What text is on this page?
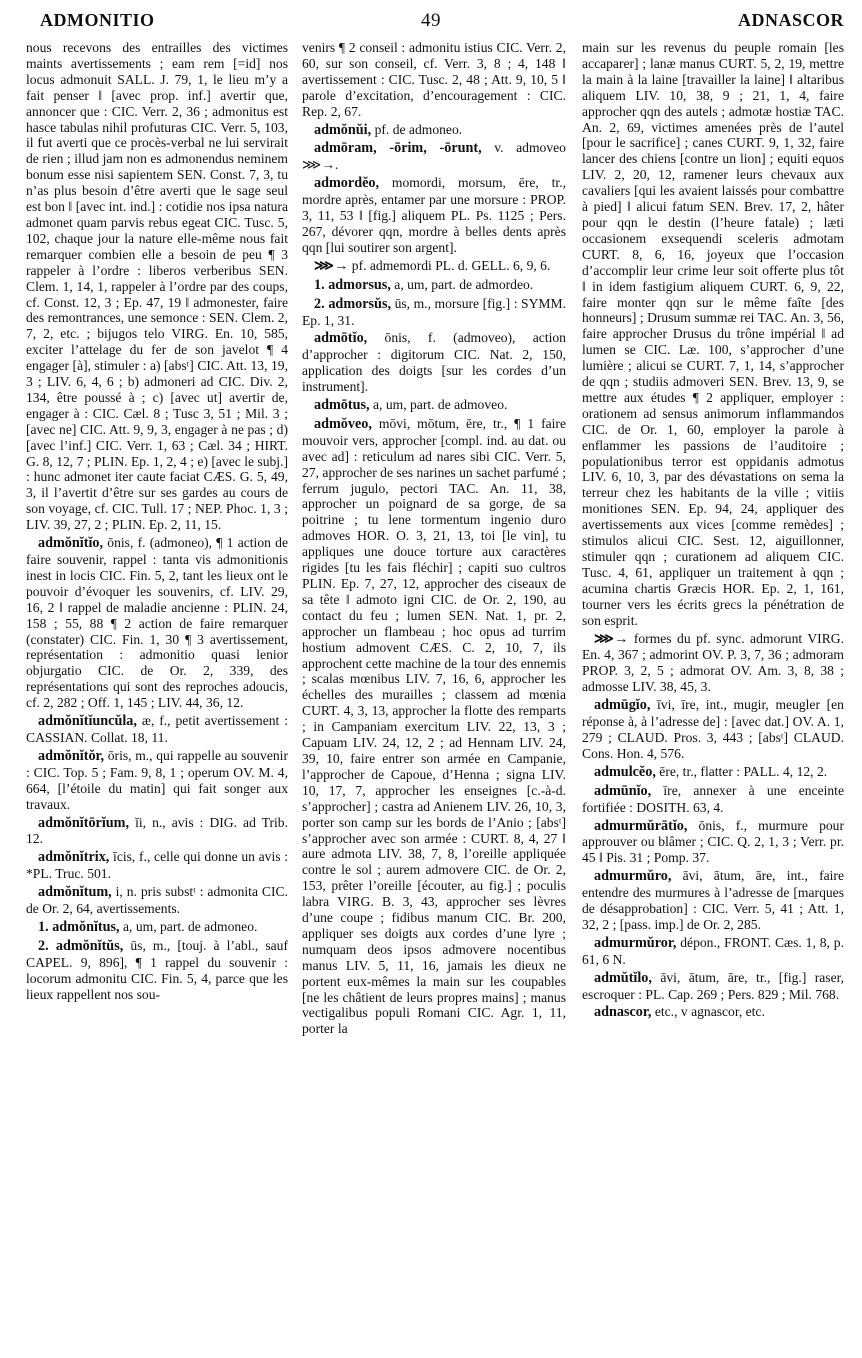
ADMONITIO	49	ADNASCOR

nous recevons des entrailles des victimes maints avertissements ; eam rem [=id] nos locus admonuit SALL. J. 79, 1, le lieu m’y a fait penser ‖ [avec prop. inf.] avertir que, annoncer que : CIC. Verr. 2, 36 ; admonitus est hasce tabulas nihil profuturas CIC. Verr. 5, 103, il fut averti que ce procès-verbal ne lui servirait de rien ; illud jam non es admonendus neminem bonum esse nisi sapientem SEN. Const. 7, 3, tu n’as plus besoin d’être averti que le sage seul est bon ‖ [avec int. ind.] : cotidie nos ipsa natura admonet quam parvis rebus egeat CIC. Tusc. 5, 102, chaque jour la nature elle-même nous fait remarquer combien elle a besoin de peu ¶ 3 rappeler à l’ordre : liberos verberibus SEN. Clem. 1, 14, 1, rappeler à l’ordre par des coups, cf. Const. 12, 3 ; Ep. 47, 19 ‖ admonester, faire des remontrances, une semonce : SEN. Clem. 2, 7, 2, etc. ; bijugos telo VIRG. En. 10, 585, exciter l’attelage du fer de son javelot ¶ 4 engager [à], stimuler : a) [absᵗ] CIC. Att. 13, 19, 3 ; LIV. 6, 4, 6 ; b) admoneri ad CIC. Div. 2, 134, être poussé à ; c) [avec ut] avertir de, engager à : CIC. Cæl. 8 ; Tusc 3, 51 ; Mil. 3 ; [avec ne] CIC. Att. 9, 9, 3, engager à ne pas ; d) [avec l’inf.] CIC. Verr. 1, 63 ; Cæl. 34 ; HIRT. G. 8, 12, 7 ; PLIN. Ep. 1, 2, 4 ; e) [avec le subj.] : hunc admonet iter caute faciat CÆS. G. 5, 49, 3, il l’avertit d’être sur ses gardes au cours de son voyage, cf. CIC. Tull. 17 ; NEP. Phoc. 1, 3 ; LIV. 39, 27, 2 ; PLIN. Ep. 2, 11, 15.

admŏnĭtĭo, ōnis, f. (admoneo), ¶ 1 action de faire souvenir, rappel : tanta vis admonitionis inest in locis CIC. Fin. 5, 2, tant les lieux ont le pouvoir d’évoquer les souvenirs, cf. LIV. 29, 16, 2 ‖ rappel de maladie ancienne : PLIN. 24, 158 ; 55, 88 ¶ 2 action de faire remarquer (constater) CIC. Fin. 1, 30 ¶ 3 avertissement, représentation : admonitio quasi lenior objurgatio CIC. de Or. 2, 339, des représentations qui sont des reproches adoucis, cf. 2, 282 ; Off. 1, 145 ; LIV. 44, 36, 12.

admŏnĭtĭuncŭla, æ, f., petit avertissement : CASSIAN. Collat. 18, 11.

admŏnĭtŏr, ōris, m., qui rappelle au souvenir : CIC. Top. 5 ; Fam. 9, 8, 1 ; operum OV. M. 4, 664, [l’étoile du matin] qui fait songer aux travaux.

admŏnĭtōrĭum, ĭi, n., avis : DIG. ad Trib. 12.

admŏnĭtrix, īcis, f., celle qui donne un avis : *PL. Truc. 501.

admŏnĭtum, i, n. pris substᵗ : admonita CIC. de Or. 2, 64, avertissements.

1. admŏnĭtus, a, um, part. de admoneo.

2. admŏnĭtŭs, ūs, m., [touj. à l’abl., sauf CAPEL. 9, 896], ¶ 1 rappel du souvenir : locorum admonitu CIC. Fin. 5, 4, parce que les lieux rappellent nos sou-

venirs ¶ 2 conseil : admonitu istius CIC. Verr. 2, 60, sur son conseil, cf. Verr. 3, 8 ; 4, 148 ‖ avertissement : CIC. Tusc. 2, 48 ; Att. 9, 10, 5 ‖ parole d’excitation, d’encouragement : CIC. Rep. 2, 67.

admŏnŭi, pf. de admoneo.

admōram, -ōrim, -ōrunt, v. admoveo ⋙→.

admordĕo, momordi, morsum, ēre, tr., mordre après, entamer par une morsure : PROP. 3, 11, 53 ‖ [fig.] aliquem PL. Ps. 1125 ; Pers. 267, dévorer qqn, mordre à belles dents après qqn [lui soutirer son argent].

⋙→ pf. admemordi PL. d. GELL. 6, 9, 6.

1. admorsus, a, um, part. de admordeo.

2. admorsŭs, ūs, m., morsure [fig.] : SYMM. Ep. 1, 31.

admōtĭo, ōnis, f. (admoveo), action d’approcher : digitorum CIC. Nat. 2, 150, application des doigts [sur les cordes d’un instrument].

admōtus, a, um, part. de admoveo.

admŏveo, mōvi, mōtum, ēre, tr., ¶ 1 faire mouvoir vers, approcher [compl. ind. au dat. ou avec ad] : reticulum ad nares sibi CIC. Verr. 5, 27, approcher de ses narines un sachet parfumé ; ferrum jugulo, pectori TAC. An. 11, 38, approcher un poignard de sa gorge, de sa poitrine ; tu lene tormentum ingenio duro admoves HOR. O. 3, 21, 13, toi [le vin], tu appliques une douce torture aux caractères rigides [tu les fais fléchir] ; capiti suo cultros PLIN. Ep. 7, 27, 12, approcher des ciseaux de sa tête ‖ admoto igni CIC. de Or. 2, 190, au contact du feu ; lumen SEN. Nat. 1, pr. 2, approcher un flambeau ; hoc opus ad turrim hostium admovent CÆS. C. 2, 10, 7, ils approchent cette machine de la tour des ennemis ; scalas mœnibus LIV. 7, 16, 6, approcher les échelles des murailles ; classem ad mœnia CURT. 4, 3, 13, approcher la flotte des remparts ; in Campaniam exercitum LIV. 22, 13, 3 ; Capuam LIV. 24, 12, 2 ; ad Hennam LIV. 24, 39, 10, faire entrer son armée en Campanie, l’approcher de Capoue, d’Henna ; signa LIV. 10, 17, 7, approcher les enseignes [c.-à-d. s’approcher] ; castra ad Anienem LIV. 26, 10, 3, porter son camp sur les bords de l’Anio ; [absᵗ] s’approcher avec son armée : CURT. 8, 4, 27 ‖ aure admota LIV. 38, 7, 8, l’oreille appliquée contre le sol ; aurem admovere CIC. de Or. 2, 153, prêter l’oreille [écouter, au fig.] ; poculis labra VIRG. B. 3, 43, approcher ses lèvres d’une coupe ; fidibus manum CIC. Br. 200, appliquer ses doigts aux cordes d’une lyre ; numquam deos ipsos admovere nocentibus manus LIV. 5, 11, 16, jamais les dieux ne portent eux-mêmes la main sur les coupables [ne les châtient de leurs propres mains] ; manus vectigalibus populi Romani CIC. Agr. 1, 11, porter la

main sur les revenus du peuple romain [les accaparer] ; lanæ manus CURT. 5, 2, 19, mettre la main à la laine [travailler la laine] ‖ altaribus aliquem LIV. 10, 38, 9 ; 21, 1, 4, faire approcher qqn des autels ; admotæ hostiæ TAC. An. 2, 69, victimes amenées près de l’autel [pour le sacrifice] ; canes CURT. 9, 1, 32, faire lancer des chiens [contre un lion] ; equiti equos LIV. 2, 20, 12, ramener leurs chevaux aux cavaliers [qui les avaient laissés pour combattre à pied] ‖ alicui fatum SEN. Brev. 17, 2, hâter pour qqn le destin (l’heure fatale) ; læti occasionem exsequendi sceleris admotam CURT. 8, 6, 16, joyeux que l’occasion d’accomplir leur crime leur soit offerte plus tôt ‖ in idem fastigium aliquem CURT. 6, 9, 22, faire monter qqn sur le même faîte [des honneurs] ; Drusum summæ rei TAC. An. 3, 56, faire approcher Drusus du trône impérial ‖ ad lumen se CIC. Læ. 100, s’approcher d’une lumière ; alicui se CURT. 7, 1, 14, s’approcher de qqn ; studiis admoveri SEN. Brev. 13, 9, se mettre aux études ¶ 2 appliquer, employer : orationem ad sensus animorum inflammandos CIC. de Or. 1, 60, employer la parole à enflammer les passions de l’auditoire ; populationibus terror est oppidanis admotus LIV. 6, 10, 3, par des dévastations on sema la terreur chez les habitants de la ville ; vitiis monitiones SEN. Ep. 94, 24, appliquer des avertissements aux vices [comme remèdes] ; stimulos alicui CIC. Sest. 12, aiguillonner, stimuler qqn ; curationem ad aliquem CIC. Tusc. 4, 61, appliquer un traitement à qqn ; acumina chartis Græcis HOR. Ep. 2, 1, 161, tourner vers les écrits grecs la pénétration de son esprit.

⋙→ formes du pf. sync. admorunt VIRG. En. 4, 367 ; admorint OV. P. 3, 7, 36 ; admoram PROP. 3, 2, 5 ; admorat OV. Am. 3, 8, 38 ; admosse LIV. 38, 45, 3.

admūgĭo, īvi, īre, int., mugir, meugler [en réponse à, à l’adresse de] : [avec dat.] OV. A. 1, 279 ; CLAUD. Pros. 3, 443 ; [absᵗ] CLAUD. Cons. Hon. 4, 576.

admulcĕo, ēre, tr., flatter : PALL. 4, 12, 2.

admūnĭo, īre, annexer à une enceinte fortifiée : DOSITH. 63, 4.

admurmŭrātĭo, ōnis, f., murmure pour approuver ou blâmer ; CIC. Q. 2, 1, 3 ; Verr. pr. 45 ‖ Pis. 31 ; Pomp. 37.

admurmŭro, āvi, ātum, āre, int., faire entendre des murmures à l’adresse de [marques de désapprobation] : CIC. Verr. 5, 41 ; Att. 1, 32, 2 ; [pass. imp.] de Or. 2, 285.

admurmŭror, dépon., FRONT. Cæs. 1, 8, p. 61, 6 N.

admŭtĭlo, āvi, ātum, āre, tr., [fig.] raser, escroquer : PL. Cap. 269 ; Pers. 829 ; Mil. 768.

adnascor, etc., v agnascor, etc.
